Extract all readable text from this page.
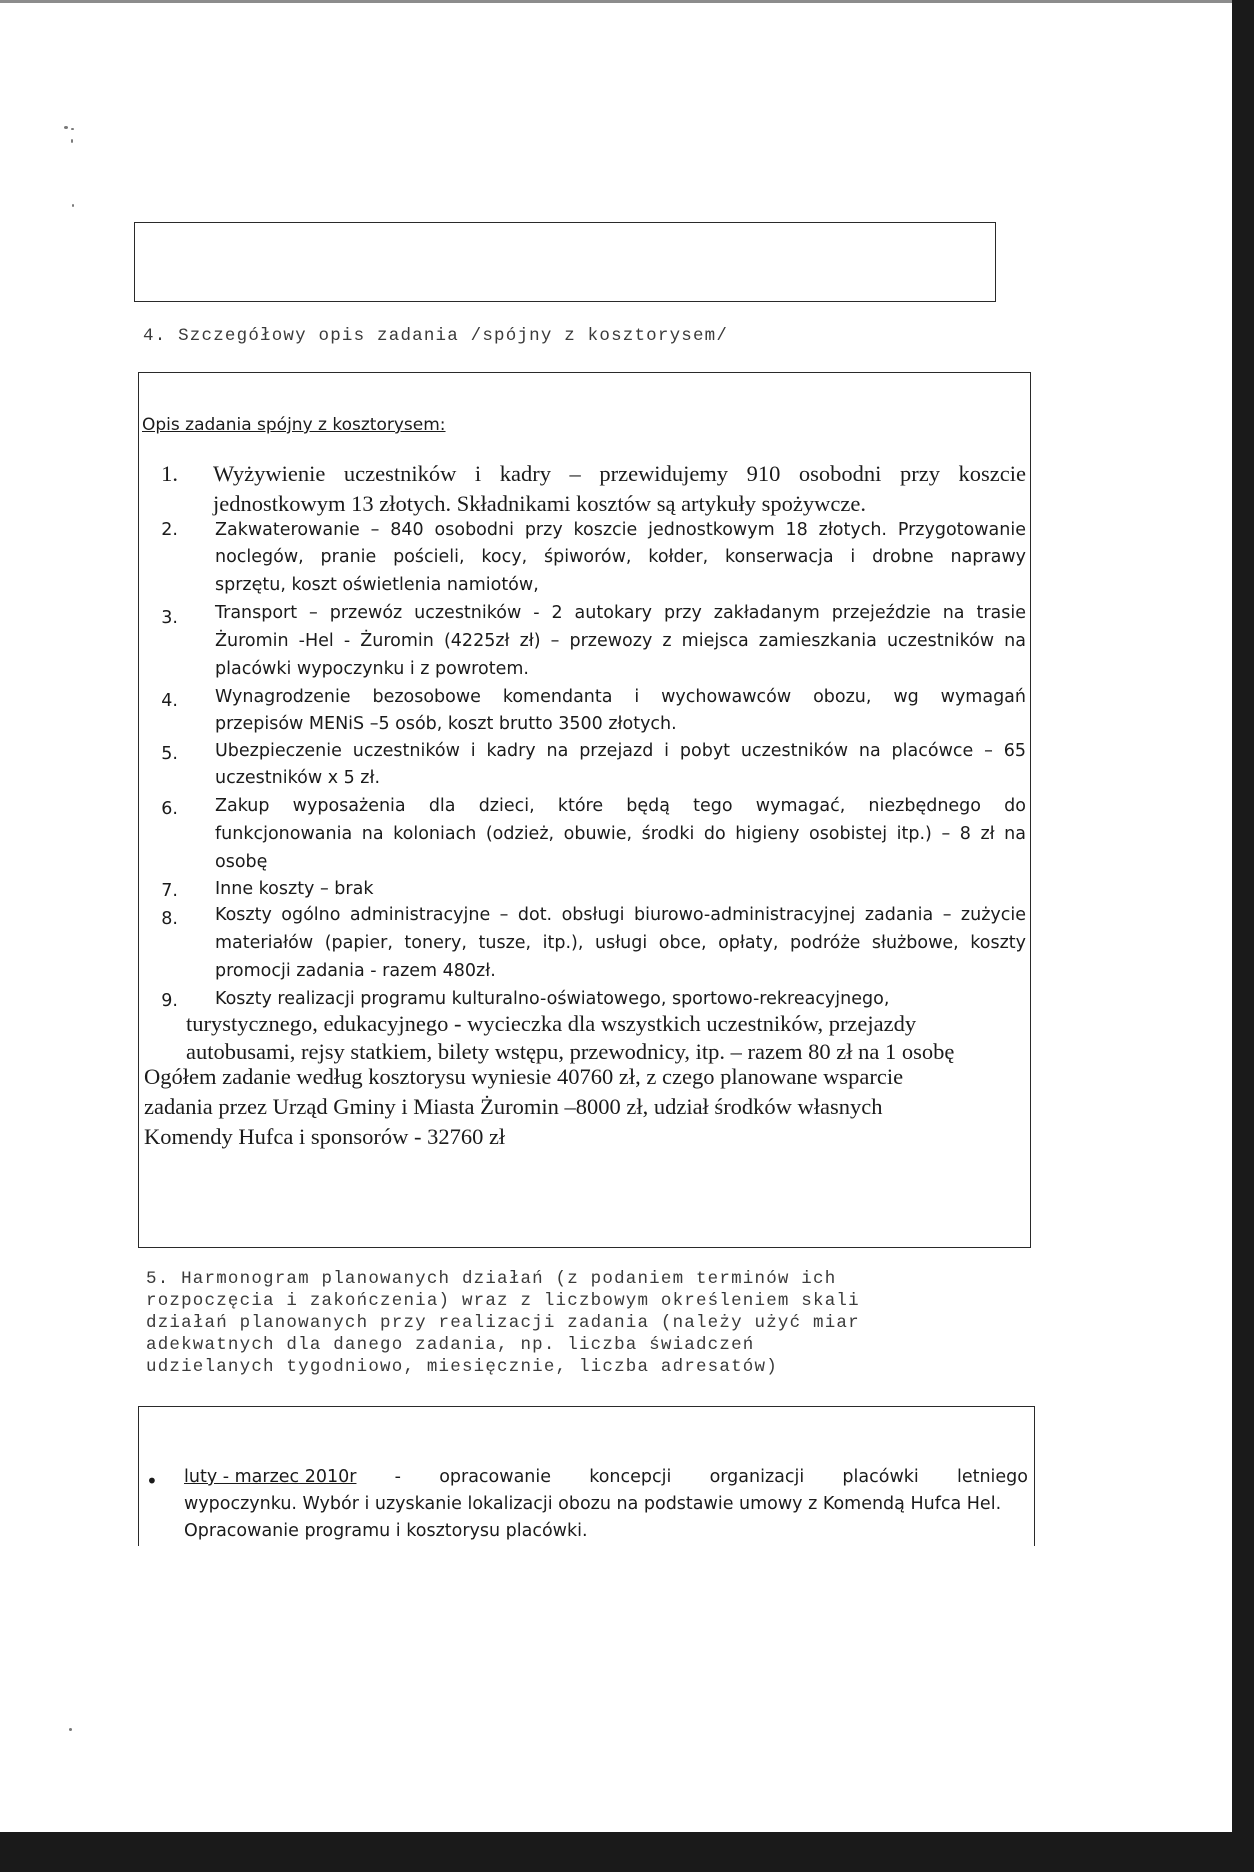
4. Szczegółowy opis zadania /spójny z kosztorysem/
Opis zadania spójny z kosztorysem:
1. Wyżywienie uczestników i kadry – przewidujemy 910 osobodni przy koszcie
jednostkowym 13 złotych. Składnikami kosztów są artykuły spożywcze.
2. Zakwaterowanie – 840 osobodni przy koszcie jednostkowym 18 złotych. Przygotowanie
noclegów, pranie pościeli, kocy, śpiworów, kołder, konserwacja i drobne naprawy
sprzętu, koszt oświetlenia namiotów,
3. Transport – przewóz uczestników - 2 autokary przy zakładanym przejeździe na trasie
Żuromin -Hel - Żuromin (4225zł zł) – przewozy z miejsca zamieszkania uczestników na
placówki wypoczynku i z powrotem.
4. Wynagrodzenie bezosobowe komendanta i wychowawców obozu, wg wymagań
przepisów MENiS –5 osób, koszt brutto 3500 złotych.
5. Ubezpieczenie uczestników i kadry na przejazd i pobyt uczestników na placówce – 65
uczestników x 5 zł.
6. Zakup wyposażenia dla dzieci, które będą tego wymagać, niezbędnego do
funkcjonowania na koloniach (odzież, obuwie, środki do higieny osobistej itp.) – 8 zł na
osobę
7. Inne koszty – brak
8. Koszty ogólno administracyjne – dot. obsługi biurowo-administracyjnej zadania – zużycie
materiałów (papier, tonery, tusze, itp.), usługi obce, opłaty, podróże służbowe, koszty
promocji zadania - razem 480zł.
9. Koszty realizacji programu kulturalno-oświatowego, sportowo-rekreacyjnego,
turystycznego, edukacyjnego - wycieczka dla wszystkich uczestników, przejazdy
autobusami, rejsy statkiem, bilety wstępu, przewodnicy, itp. – razem 80 zł na 1 osobę
Ogółem zadanie według kosztorysu wyniesie 40760 zł, z czego planowane wsparcie
zadania przez Urząd Gminy i Miasta Żuromin –8000 zł, udział środków własnych
Komendy Hufca i sponsorów - 32760 zł
5. Harmonogram planowanych działań (z podaniem terminów ich
rozpoczęcia i zakończenia) wraz z liczbowym określeniem skali
działań planowanych przy realizacji zadania (należy użyć miar
adekwatnych dla danego zadania, np. liczba świadczeń
udzielanych tygodniowo, miesięcznie, liczba adresatów)
• luty - marzec 2010r - opracowanie koncepcji organizacji placówki letniego
wypoczynku. Wybór i uzyskanie lokalizacji obozu na podstawie umowy z Komendą Hufca Hel.
Opracowanie programu i kosztorysu placówki.
